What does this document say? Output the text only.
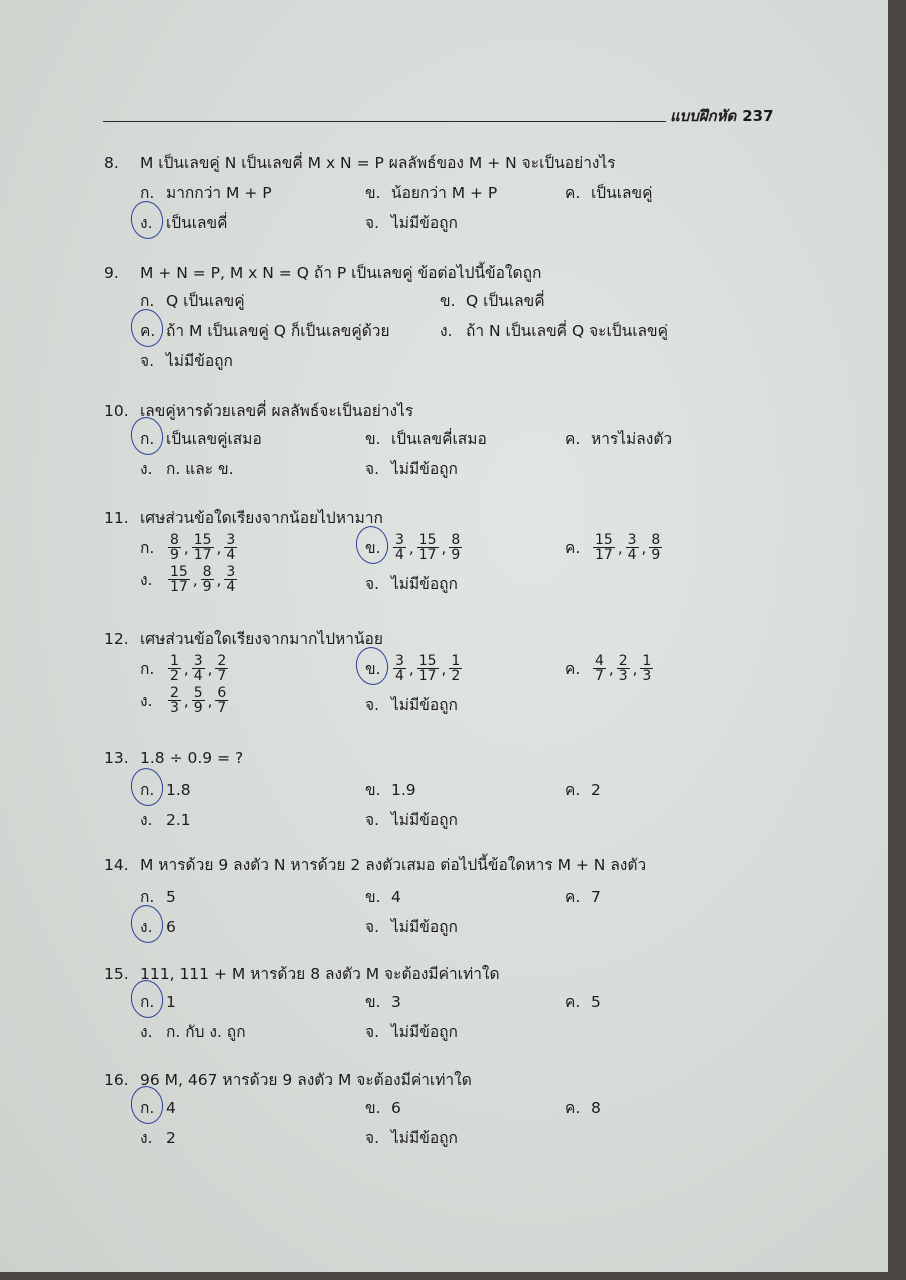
แบบฝึกหัด 237
8. M เป็นเลขคู่ N เป็นเลขคี่ M x N = P ผลลัพธ์ของ M + N จะเป็นอย่างไร
ก. มากกว่า M + P	ข. น้อยกว่า M + P	ค. เป็นเลขคู่
ง. เป็นเลขคี่	จ. ไม่มีข้อถูก
9. M + N = P, M x N = Q ถ้า P เป็นเลขคู่ ข้อต่อไปนี้ข้อใดถูก
ก. Q เป็นเลขคู่	ข. Q เป็นเลขคี่
ค. ถ้า M เป็นเลขคู่ Q ก็เป็นเลขคู่ด้วย	ง. ถ้า N เป็นเลขคี่ Q จะเป็นเลขคู่
จ. ไม่มีข้อถูก
10. เลขคู่หารด้วยเลขคี่ ผลลัพธ์จะเป็นอย่างไร
ก. เป็นเลขคู่เสมอ	ข. เป็นเลขคี่เสมอ	ค. หารไม่ลงตัว
ง. ก. และ ข.	จ. ไม่มีข้อถูก
11. เศษส่วนข้อใดเรียงจากน้อยไปหามาก
ก. $\frac{8}{9}$ , $\frac{15}{17}$ , $\frac{3}{4}$	ข. $\frac{3}{4}$ , $\frac{15}{17}$ , $\frac{8}{9}$	ค. $\frac{15}{17}$ , $\frac{3}{4}$ , $\frac{8}{9}$
ง.	$\frac{15}{17}$ , $\frac{8}{9}$ , $\frac{3}{4}$	จ. ไม่มีข้อถูก
12. เศษส่วนข้อใดเรียงจากมากไปหาน้อย
ก. $\frac{1}{2}$ , $\frac{3}{4}$ , $\frac{2}{7}$	ข. $\frac{3}{4}$ , $\frac{15}{17}$ , $\frac{1}{2}$	ค. $\frac{4}{7}$ , $\frac{2}{3}$ , $\frac{1}{3}$
ง.	$\frac{2}{3}$ , $\frac{5}{9}$ , $\frac{6}{7}$	จ. ไม่มีข้อถูก
13. 1.8 ÷ 0.9 = ?
ก. 1.8	ข. 1.9	ค. 2
ง. 2.1	จ. ไม่มีข้อถูก
14. M หารด้วย 9 ลงตัว N หารด้วย 2 ลงตัวเสมอ ต่อไปนี้ข้อใดหาร M + N ลงตัว
ก. 5	ข. 4	ค. 7
ง. 6	จ. ไม่มีข้อถูก
15. 111, 111 + M หารด้วย 8 ลงตัว M จะต้องมีค่าเท่าใด
ก. 1	ข. 3	ค. 5
ง. ก. กับ ง. ถูก	จ. ไม่มีข้อถูก
16. 96 M, 467 หารด้วย 9 ลงตัว M จะต้องมีค่าเท่าใด
ก. 4	ข. 6	ค. 8
ง. 2	จ. ไม่มีข้อถูก
